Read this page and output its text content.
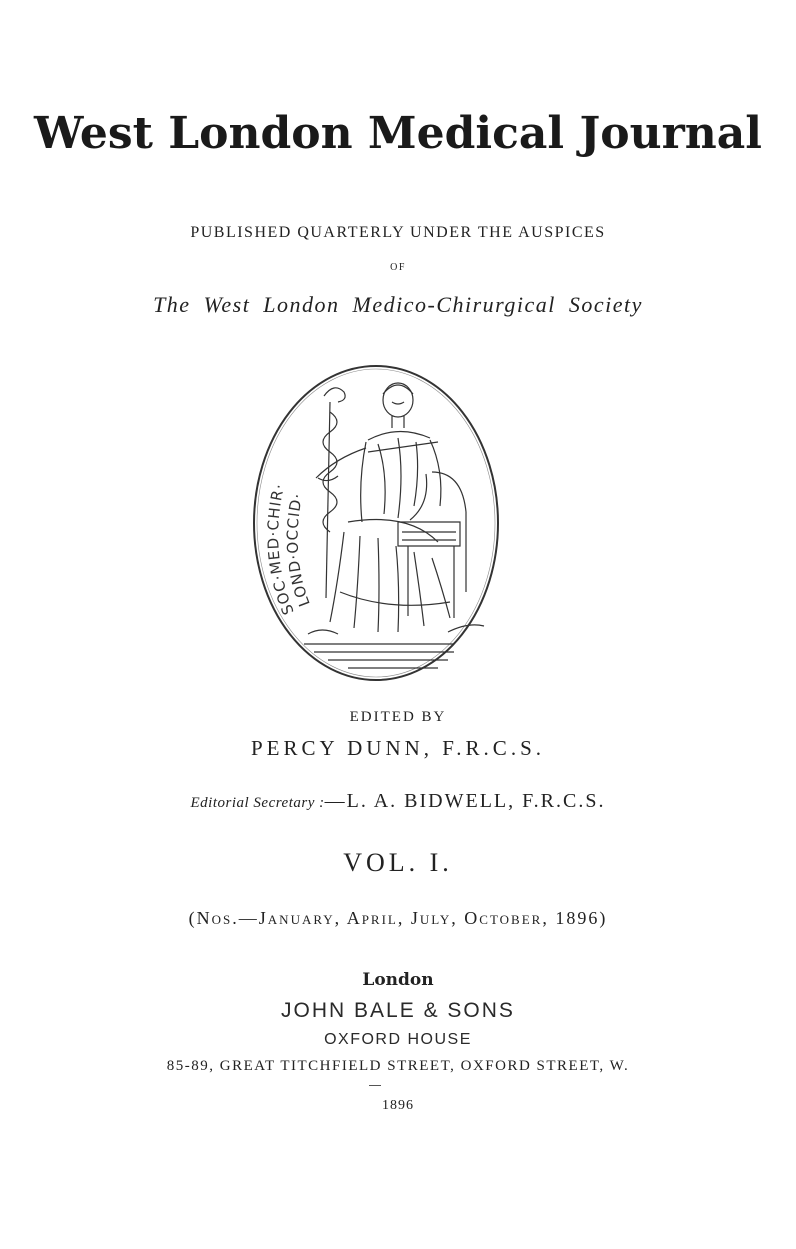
West London Medical Journal
PUBLISHED QUARTERLY UNDER THE AUSPICES
OF
The West London Medico-Chirurgical Society
SOC·MED·CHIR·
LOND·OCCID·
EDITED BY
PERCY DUNN, F.R.C.S.
Editorial Secretary :—L. A. BIDWELL, F.R.C.S.
VOL. I.
(Nos.—January, April, July, October, 1896)
London
JOHN BALE & SONS
OXFORD HOUSE
85-89, GREAT TITCHFIELD STREET, OXFORD STREET, W.
1896
